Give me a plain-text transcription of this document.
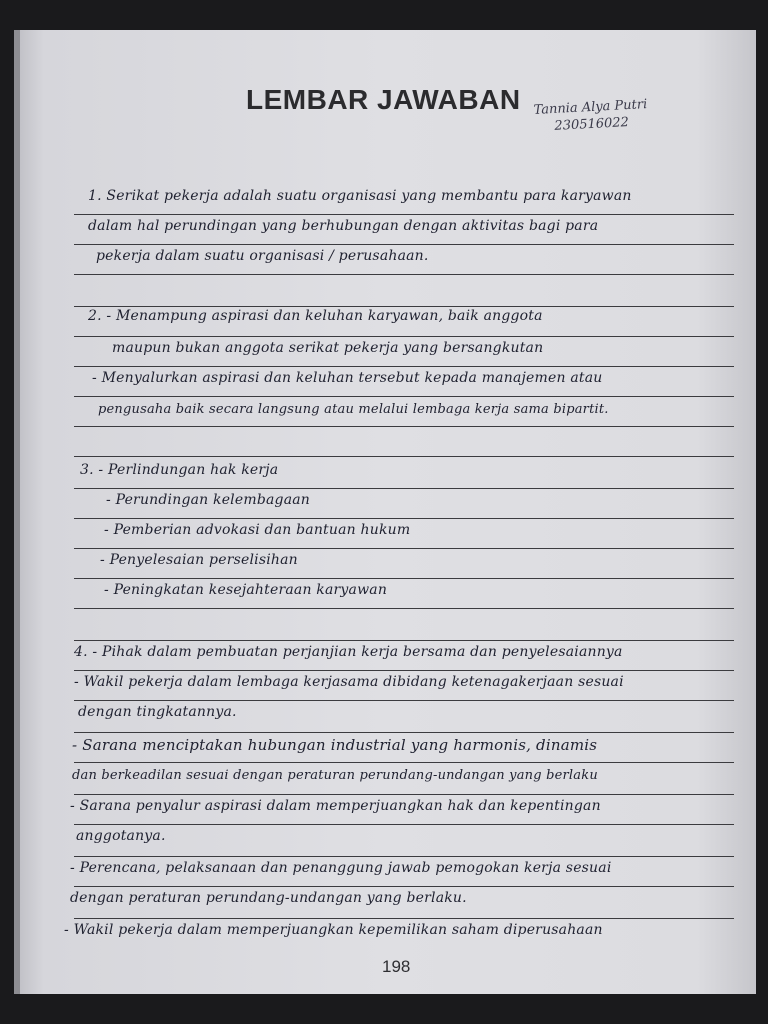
LEMBAR JAWABAN Tannia Alya Putri
230516022
1. Serikat pekerja adalah suatu organisasi yang membantu para karyawan
dalam hal perundingan yang berhubungan dengan aktivitas bagi para
pekerja dalam suatu organisasi / perusahaan.
2. - Menampung aspirasi dan keluhan karyawan, baik anggota
maupun bukan anggota serikat pekerja yang bersangkutan
- Menyalurkan aspirasi dan keluhan tersebut kepada manajemen atau
pengusaha baik secara langsung atau melalui lembaga kerja sama bipartit.
3. - Perlindungan hak kerja
- Perundingan kelembagaan
- Pemberian advokasi dan bantuan hukum
- Penyelesaian perselisihan
- Peningkatan kesejahteraan karyawan
4. - Pihak dalam pembuatan perjanjian kerja bersama dan penyelesaiannya
- Wakil pekerja dalam lembaga kerjasama dibidang ketenagakerjaan sesuai
dengan tingkatannya.
- Sarana menciptakan hubungan industrial yang harmonis, dinamis
dan berkeadilan sesuai dengan peraturan perundang-undangan yang berlaku
- Sarana penyalur aspirasi dalam memperjuangkan hak dan kepentingan
anggotanya.
- Perencana, pelaksanaan dan penanggung jawab pemogokan kerja sesuai
dengan peraturan perundang-undangan yang berlaku.
- Wakil pekerja dalam memperjuangkan kepemilikan saham diperusahaan
198
